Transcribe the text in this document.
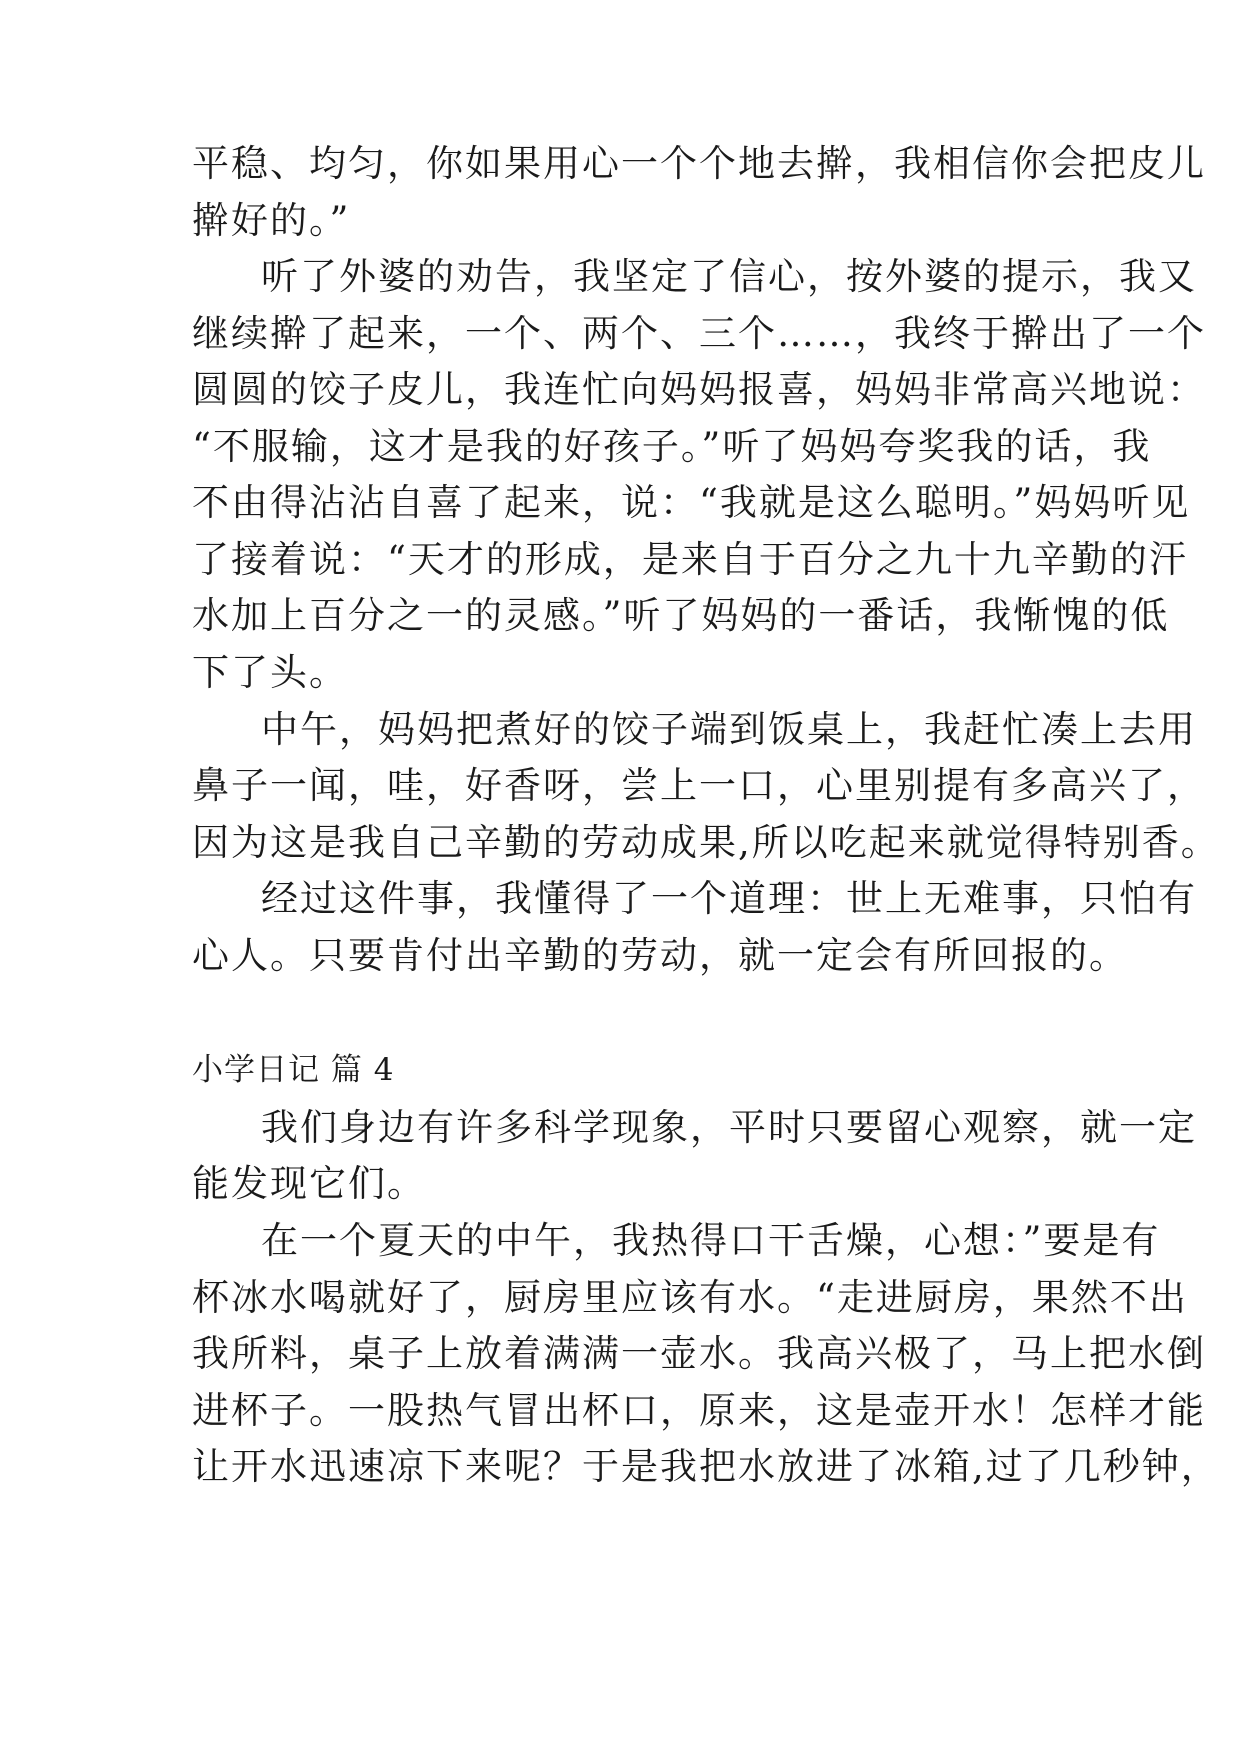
平稳、均匀，你如果用心一个个地去擀，我相信你会把皮儿
擀好的。”
听了外婆的劝告，我坚定了信心，按外婆的提示，我又
继续擀了起来，一个、两个、三个……，我终于擀出了一个
圆圆的饺子皮儿，我连忙向妈妈报喜，妈妈非常高兴地说：
“不服输，这才是我的好孩子。”听了妈妈夸奖我的话，我
不由得沾沾自喜了起来，说：“我就是这么聪明。”妈妈听见
了接着说：“天才的形成，是来自于百分之九十九辛勤的汗
水加上百分之一的灵感。”听了妈妈的一番话，我惭愧的低
下了头。
中午，妈妈把煮好的饺子端到饭桌上，我赶忙凑上去用
鼻子一闻，哇，好香呀，尝上一口，心里别提有多高兴了，
因为这是我自己辛勤的劳动成果,所以吃起来就觉得特别香。
经过这件事，我懂得了一个道理：世上无难事，只怕有
心人。只要肯付出辛勤的劳动，就一定会有所回报的。
小学日记 篇 4
我们身边有许多科学现象，平时只要留心观察，就一定
能发现它们。
在一个夏天的中午，我热得口干舌燥，心想：”要是有
杯冰水喝就好了，厨房里应该有水。“走进厨房，果然不出
我所料，桌子上放着满满一壶水。我高兴极了，马上把水倒
进杯子。一股热气冒出杯口，原来，这是壶开水！怎样才能
让开水迅速凉下来呢？于是我把水放进了冰箱,过了几秒钟，
